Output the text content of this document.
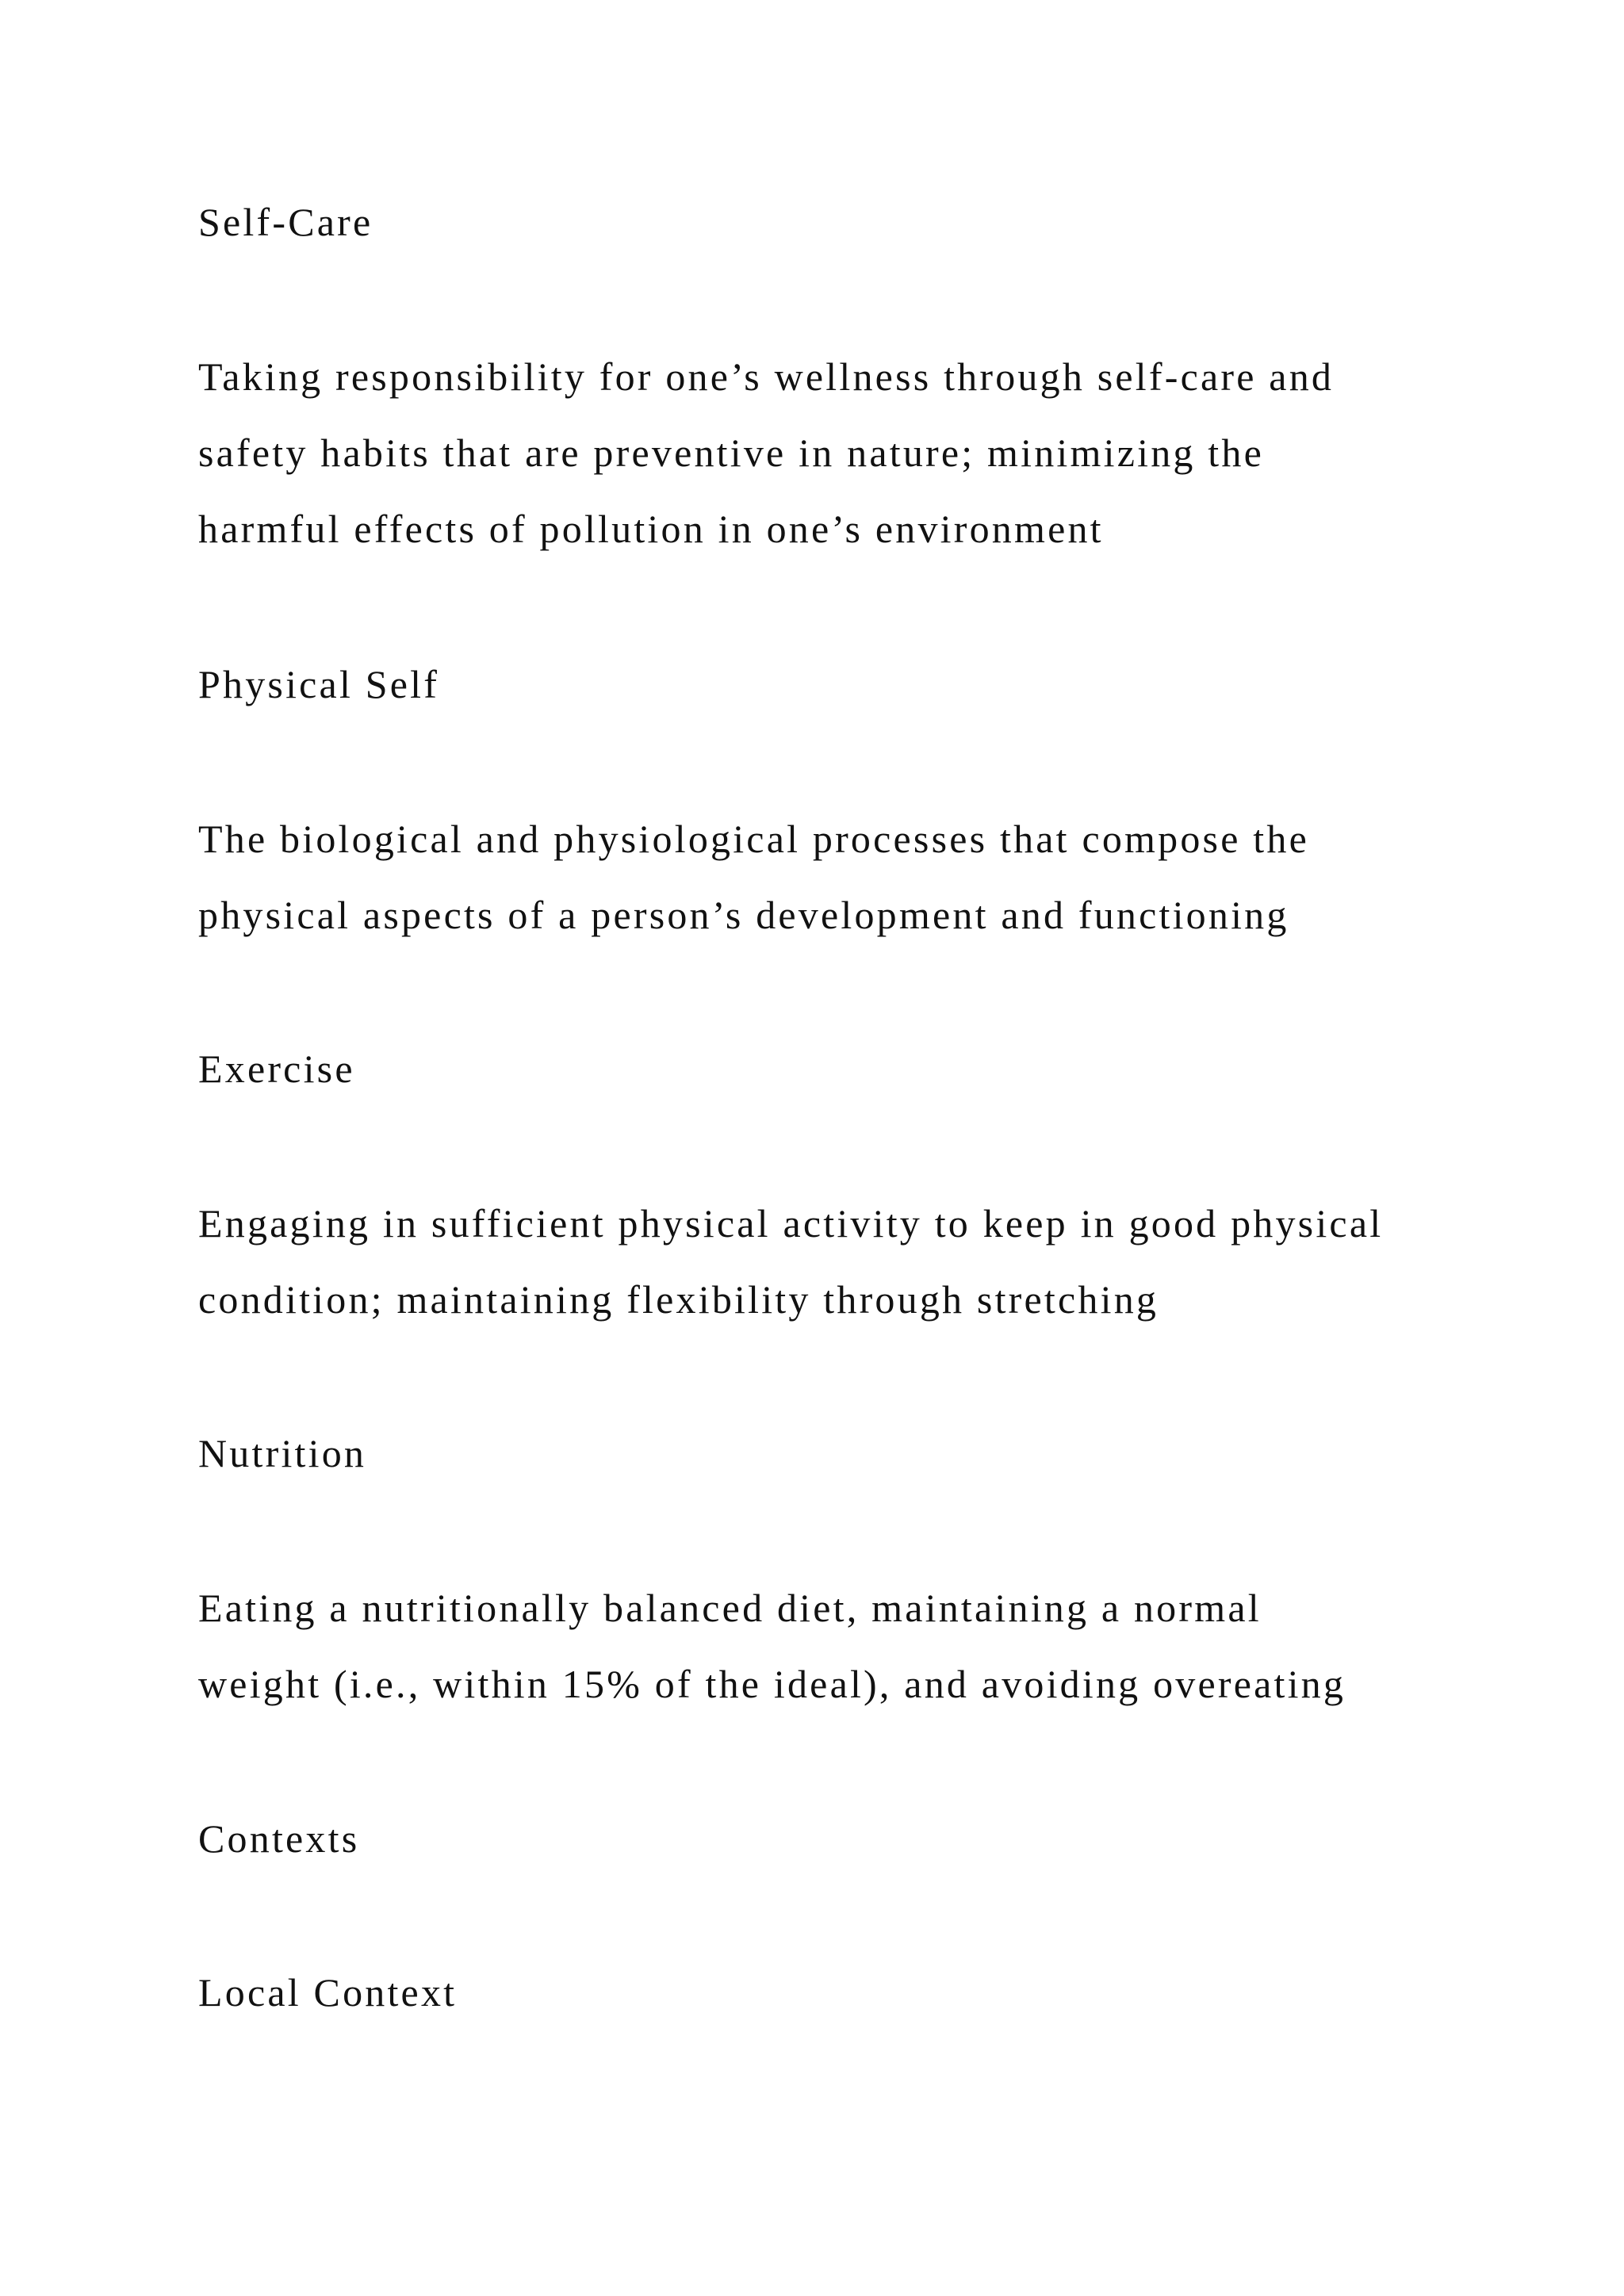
Self-Care

Taking responsibility for one’s wellness through self-care and

safety habits that are preventive in nature; minimizing the

harmful effects of pollution in one’s environment

Physical Self

The biological and physiological processes that compose the

physical aspects of a person’s development and functioning

Exercise

Engaging in sufficient physical activity to keep in good physical

condition; maintaining flexibility through stretching

Nutrition

Eating a nutritionally balanced diet, maintaining a normal

weight (i.e., within 15% of the ideal), and avoiding overeating

Contexts

Local Context
